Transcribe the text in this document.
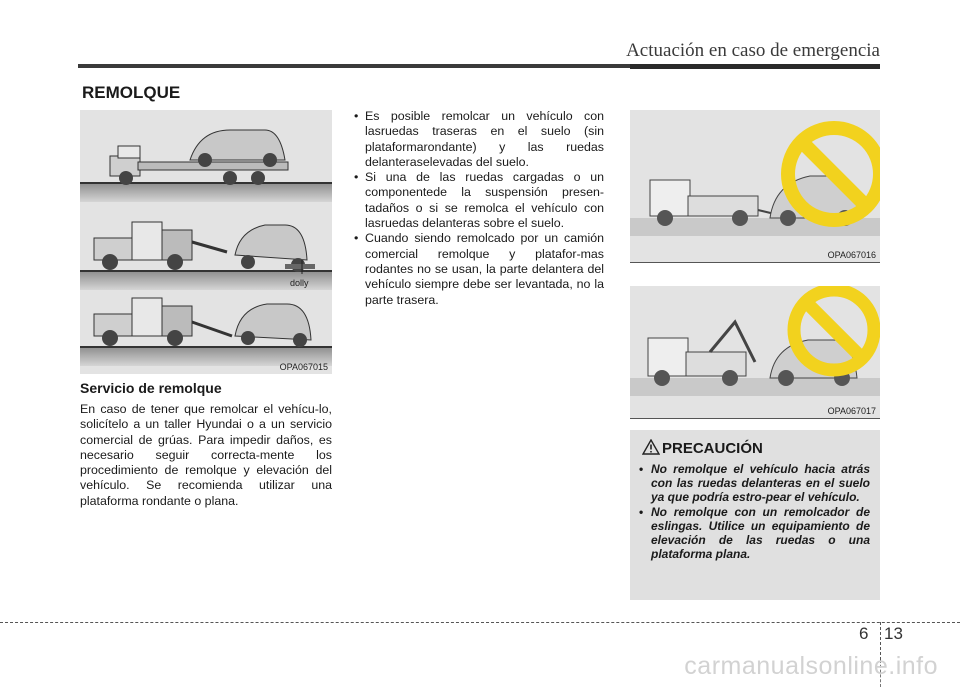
Actuación en caso de emergencia
REMOLQUE
dolly
OPA067015
Servicio de remolque

En caso de tener que remolcar el vehícu-lo, solicítelo a un taller Hyundai o a un servicio comercial de grúas. Para impedir daños, es necesario seguir correcta-mente los procedimiento de remolque y elevación del vehículo. Se recomienda utilizar una plataforma rondante o plana.

• Es posible remolcar un vehículo con lasruedas traseras en el suelo (sin plataformarondante) y las ruedas delanteraselevadas del suelo.
• Si una de las ruedas cargadas o un componentede la suspensión presen-tadaños o si se remolca el vehículo con lasruedas delanteras sobre el suelo.
• Cuando siendo remolcado por un camión comercial remolque y platafor-mas rodantes no se usan, la parte delantera del vehículo siempre debe ser levantada, no la parte trasera.
OPA067016
OPA067017
PRECAUCIÓN
• No remolque el vehículo hacia atrás con las ruedas delanteras en el suelo ya que podría estro-pear el vehículo.
• No remolque con un remolcador de eslingas. Utilice un equipamiento de elevación de las ruedas o una plataforma plana.
6 13
carmanualsonline.info
